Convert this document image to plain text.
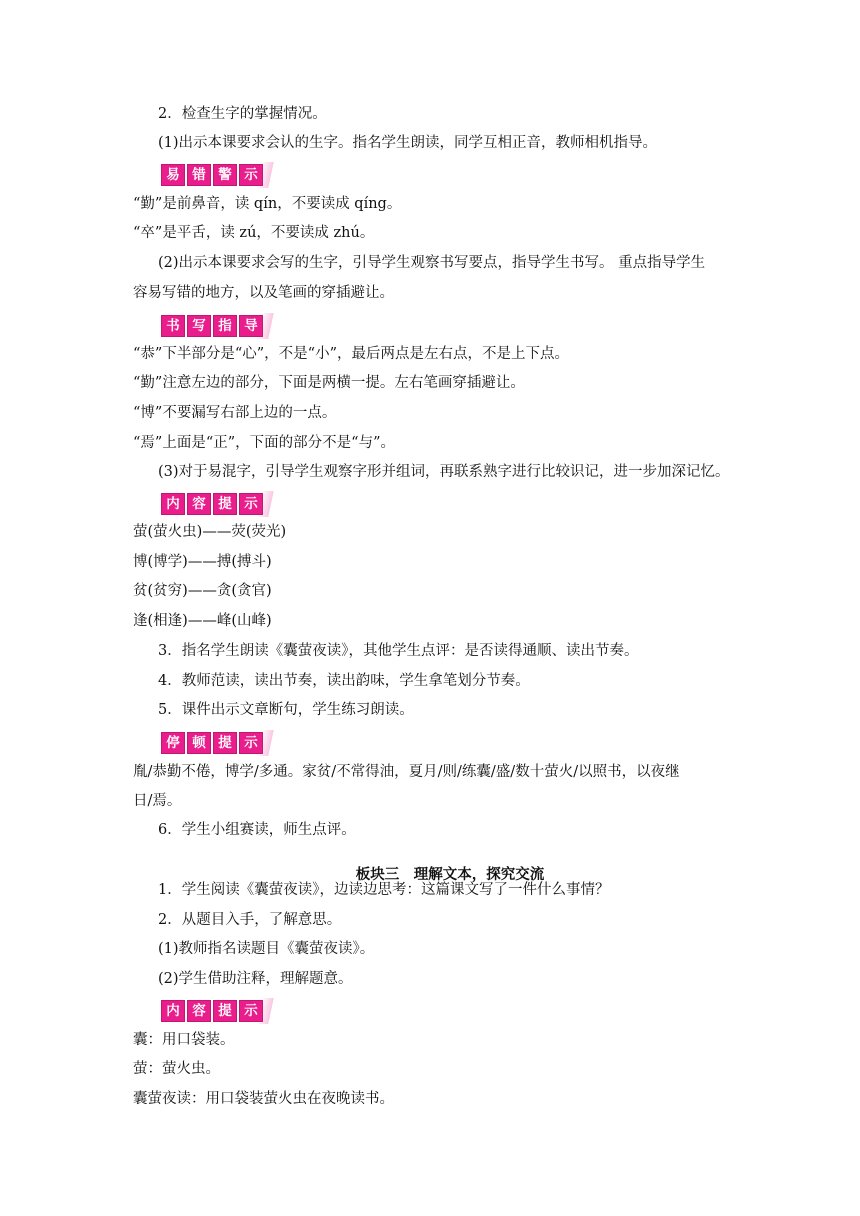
2．检查生字的掌握情况。

(1)出示本课要求会认的生字。指名学生朗读，同学互相正音，教师相机指导。

易 错 警 示

“勤”是前鼻音，读 qín，不要读成 qíng。

“卒”是平舌，读 zú，不要读成 zhú。

(2)出示本课要求会写的生字，引导学生观察书写要点，指导学生书写。 重点指导学生

容易写错的地方，以及笔画的穿插避让。

书 写 指 导

“恭”下半部分是“心”，不是“小”，最后两点是左右点，不是上下点。

“勤”注意左边的部分，下面是两横一提。左右笔画穿插避让。

“博”不要漏写右部上边的一点。

“焉”上面是“正”，下面的部分不是“与”。

(3)对于易混字，引导学生观察字形并组词，再联系熟字进行比较识记，进一步加深记忆。

内 容 提 示

萤(萤火虫)——荧(荧光)

博(博学)——搏(搏斗)

贫(贫穷)——贪(贪官)

逢(相逢)——峰(山峰)

3．指名学生朗读《囊萤夜读》，其他学生点评：是否读得通顺、读出节奏。

4．教师范读，读出节奏，读出韵味，学生拿笔划分节奏。

5．课件出示文章断句，学生练习朗读。

停 顿 提 示

胤/恭勤不倦，博学/多通。家贫/不常得油，夏月/则/练囊/盛/数十萤火/以照书，以夜继

日/焉。

6．学生小组赛读，师生点评。

板块三　理解文本，探究交流

1．学生阅读《囊萤夜读》，边读边思考：这篇课文写了一件什么事情？

2．从题目入手，了解意思。

(1)教师指名读题目《囊萤夜读》。

(2)学生借助注释，理解题意。

内 容 提 示

囊：用口袋装。

萤：萤火虫。

囊萤夜读：用口袋装萤火虫在夜晚读书。
